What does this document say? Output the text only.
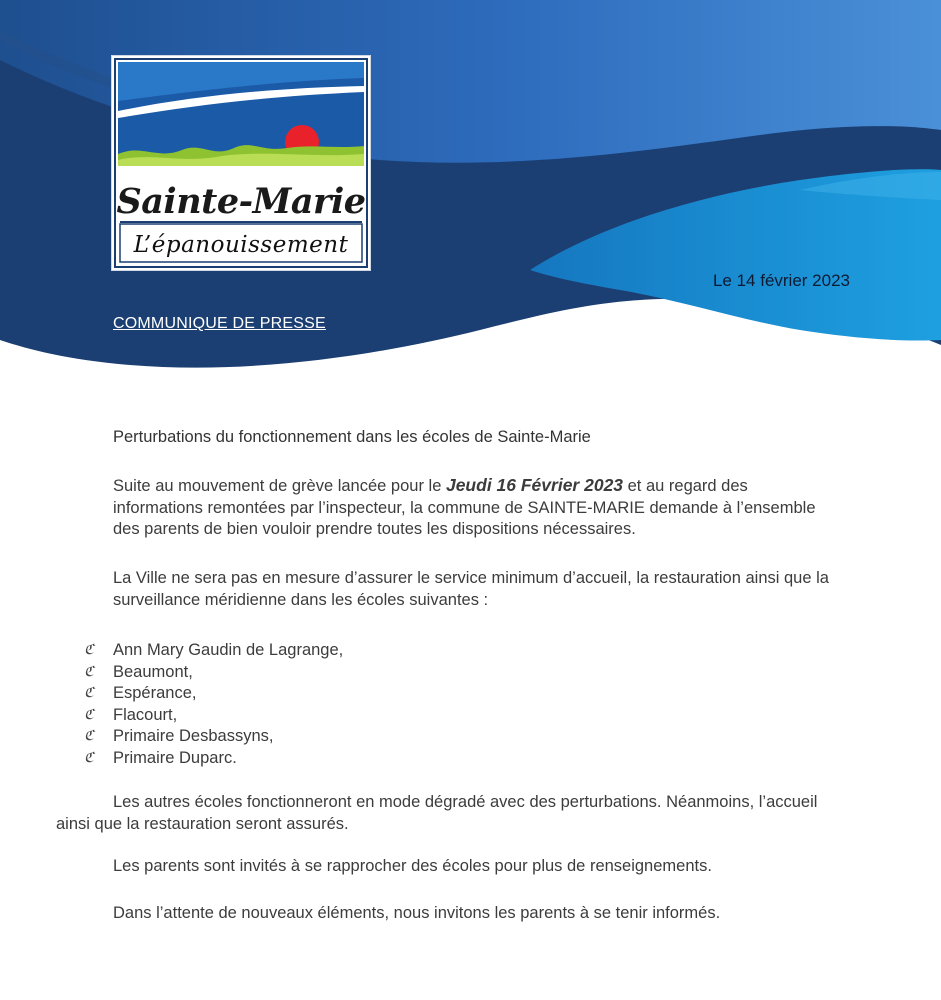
Sainte-Marie
L’épanouissement
Le 14 février 2023
COMMUNIQUE DE PRESSE
Perturbations du fonctionnement dans les écoles de Sainte-Marie
Suite au mouvement de grève lancée pour le Jeudi 16 Février 2023 et au regard des informations remontées par l’inspecteur, la commune de SAINTE-MARIE demande à l’ensemble des parents de bien vouloir prendre toutes les dispositions nécessaires.
La Ville ne sera pas en mesure d’assurer le service minimum d’accueil, la restauration ainsi que la surveillance méridienne dans les écoles suivantes :
ℭ	Ann Mary Gaudin de Lagrange,
ℭ	Beaumont,
ℭ	Espérance,
ℭ	Flacourt,
ℭ	Primaire Desbassyns,
ℭ	Primaire Duparc.
Les autres écoles fonctionneront en mode dégradé avec des perturbations. Néanmoins, l’accueil ainsi que la restauration seront assurés.
Les parents sont invités à se rapprocher des écoles pour plus de renseignements.
Dans l’attente de nouveaux éléments, nous invitons les parents à se tenir informés.
